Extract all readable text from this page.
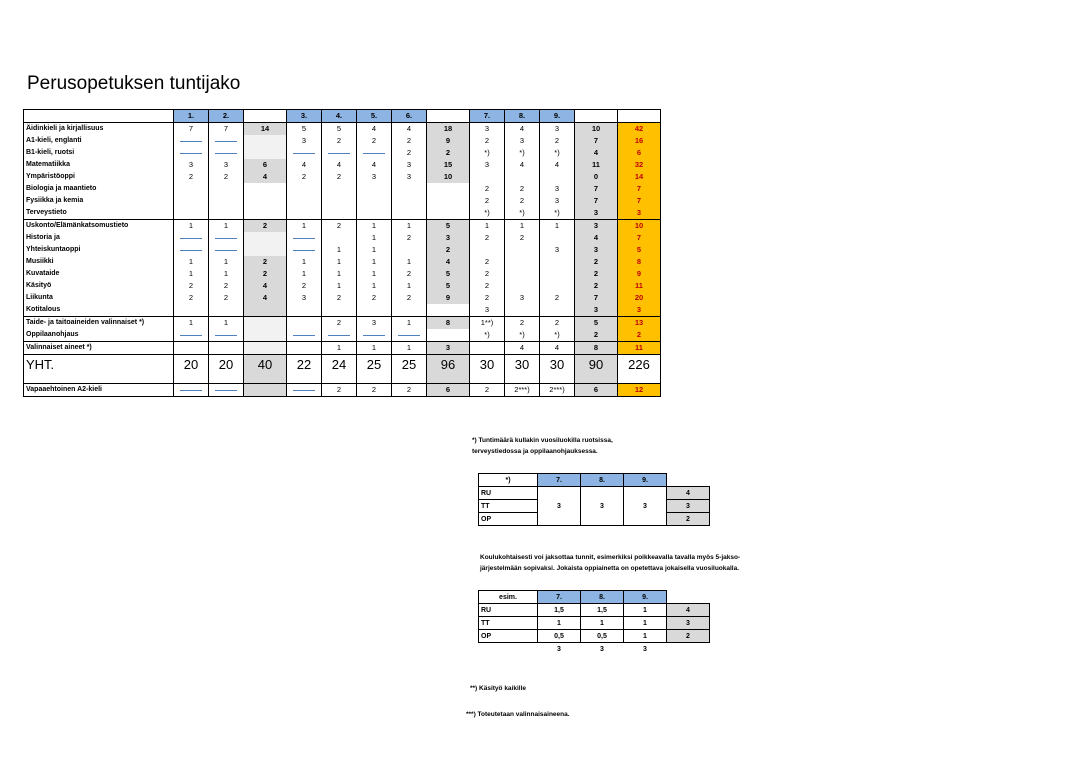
Perusopetuksen tuntijako
	1.	2.		3.	4.	5.	6.		7.	8.	9.		
Äidinkieli ja kirjallisuus	7	7	14	5	5	4	4	18	3	4	3	10	42
A1-kieli, englanti				3	2	2	2	9	2	3	2	7	16
B1-kieli, ruotsi							2	2	*)	*)	*)	4	6
Matematiikka	3	3	6	4	4	4	3	15	3	4	4	11	32
Ympäristöoppi	2	2	4	2	2	3	3	10				0	14
Biologia ja maantieto									2	2	3	7	7
Fysiikka ja kemia									2	2	3	7	7
Terveystieto									*)	*)	*)	3	3
Uskonto/Elämänkatsomustieto	1	1	2	1	2	1	1	5	1	1	1	3	10
Historia ja						1	2	3	2	2		4	7
Yhteiskuntaoppi					1	1		2			3	3	5
Musiikki	1	1	2	1	1	1	1	4	2			2	8
Kuvataide	1	1	2	1	1	1	2	5	2			2	9
Käsityö	2	2	4	2	1	1	1	5	2			2	11
Liikunta	2	2	4	3	2	2	2	9	2	3	2	7	20
Kotitalous									3			3	3
Taide- ja taitoaineiden valinnaiset *)	1	1			2	3	1	8	1**)	2	2	5	13
Oppilaanohjaus									*)	*)	*)	2	2
Valinnaiset aineet *)					1	1	1	3		4	4	8	11
YHT.	20	20	40	22	24	25	25	96	30	30	30	90	226

Vapaaehtoinen A2-kieli					2	2	2	6	2	2***)	2***)	6	12
*) Tuntimäärä kullakin vuosiluokilla ruotsissa,
terveystiedossa ja oppilaanohjauksessa.
*)	7.	8.	9.	
RU	3	3	3	4
TT				3
OP				2
Koulukohtaisesti voi jaksottaa tunnit, esimerkiksi poikkeavalla tavalla myös 5-jakso-
järjestelmään sopivaksi. Jokaista oppiainetta on opetettava jokaisella vuosiluokalla.
esim.	7.	8.	9.	
RU	1,5	1,5	1	4
TT	1	1	1	3
OP	0,5	0,5	1	2
	3	3	3	
**) Käsityö kaikille
***) Toteutetaan valinnaisaineena.
